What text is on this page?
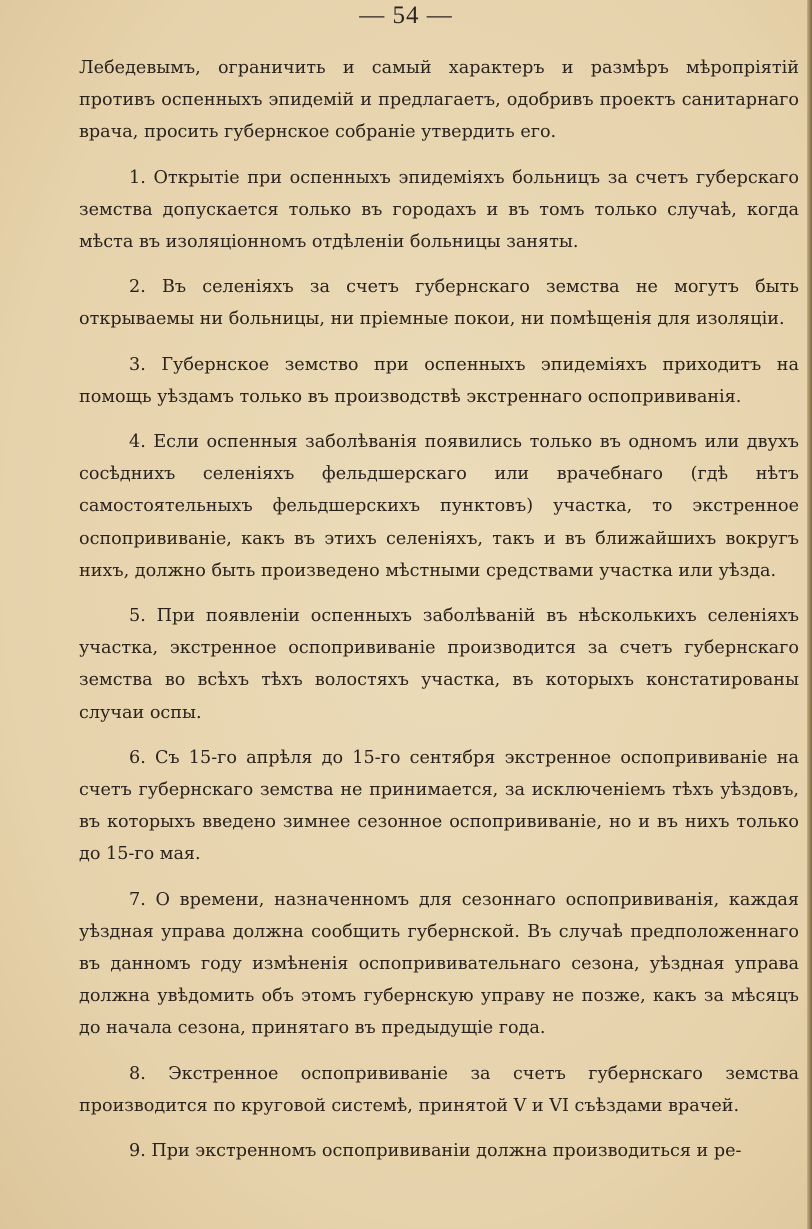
— 54 —

Лебедевымъ, ограничить и самый характеръ и размѣръ мѣропріятій противъ оспенныхъ эпидемій и предлагаетъ, одобривъ проектъ санитарнаго врача, просить губернское собраніе утвердить его.

1. Открытіе при оспенныхъ эпидеміяхъ больницъ за счетъ губерскаго земства допускается только въ городахъ и въ томъ только случаѣ, когда мѣста въ изоляціонномъ отдѣленіи больницы заняты.

2. Въ селеніяхъ за счетъ губернскаго земства не могутъ быть открываемы ни больницы, ни пріемные покои, ни помѣщенія для изоляціи.

3. Губернское земство при оспенныхъ эпидеміяхъ приходитъ на помощь уѣздамъ только въ производствѣ экстреннаго оспопрививанія.

4. Если оспенныя заболѣванія появились только въ одномъ или двухъ сосѣднихъ селеніяхъ фельдшерскаго или врачебнаго (гдѣ нѣтъ самостоятельныхъ фельдшерскихъ пунктовъ) участка, то экстренное оспопрививаніе, какъ въ этихъ селеніяхъ, такъ и въ ближайшихъ вокругъ нихъ, должно быть произведено мѣстными средствами участка или уѣзда.

5. При появленіи оспенныхъ заболѣваній въ нѣсколькихъ селеніяхъ участка, экстренное оспопрививаніе производится за счетъ губернскаго земства во всѣхъ тѣхъ волостяхъ участка, въ которыхъ констатированы случаи оспы.

6. Съ 15-го апрѣля до 15-го сентября экстренное оспопрививаніе на счетъ губернскаго земства не принимается, за исключеніемъ тѣхъ уѣздовъ, въ которыхъ введено зимнее сезонное оспопрививаніе, но и въ нихъ только до 15-го мая.

7. О времени, назначенномъ для сезоннаго оспопрививанія, каждая уѣздная управа должна сообщить губернской. Въ случаѣ предположеннаго въ данномъ году измѣненія оспопрививательнаго сезона, уѣздная управа должна увѣдомить объ этомъ губернскую управу не позже, какъ за мѣсяцъ до начала сезона, принятаго въ предыдущіе года.

8. Экстренное оспопрививаніе за счетъ губернскаго земства производится по круговой системѣ, принятой V и VI съѣздами врачей.

9. При экстренномъ оспопрививаніи должна производиться и ре-
